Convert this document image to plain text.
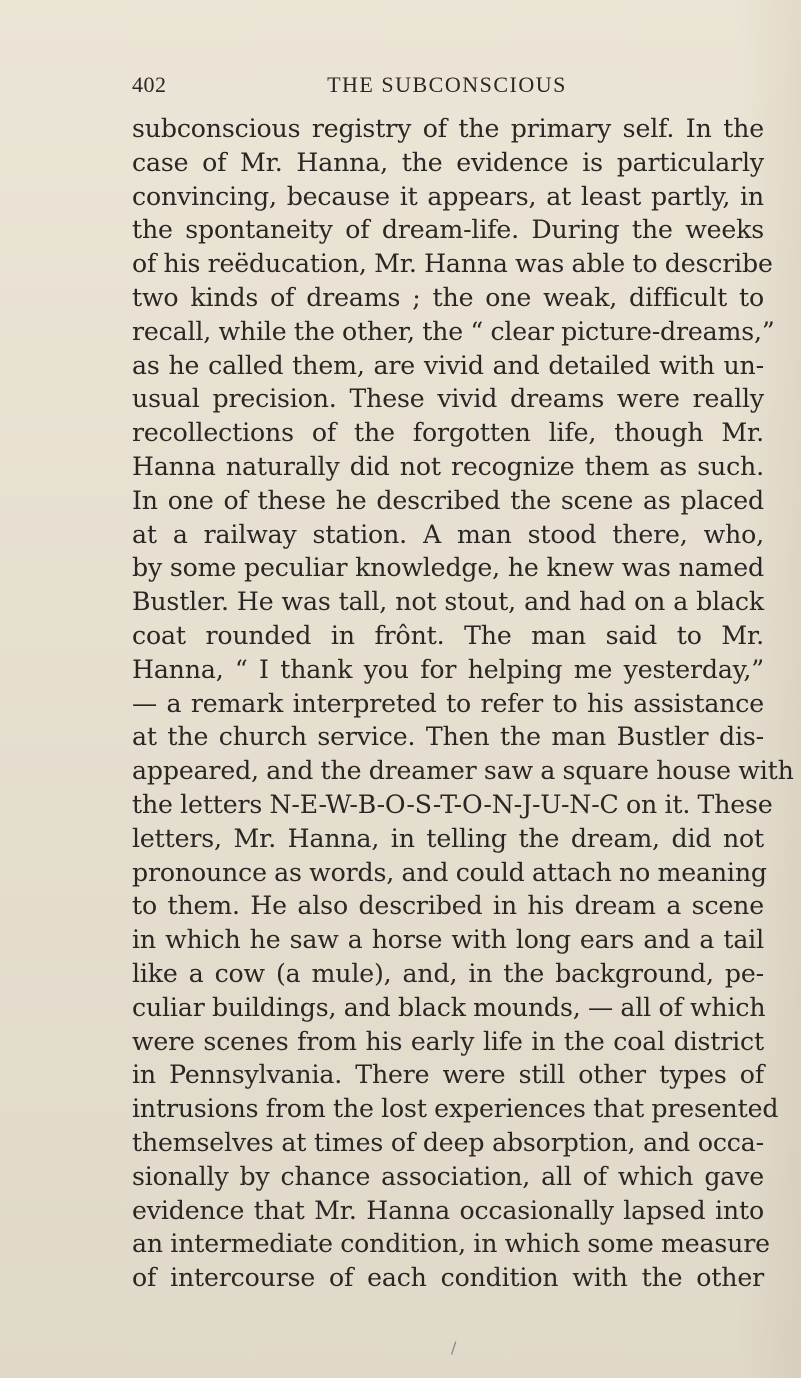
402	THE SUBCONSCIOUS
subconscious registry of the primary self. In the
case of Mr. Hanna, the evidence is particularly
convincing, because it appears, at least partly, in
the spontaneity of dream-life. During the weeks
of his reëducation, Mr. Hanna was able to describe
two kinds of dreams ; the one weak, difficult to
recall, while the other, the “ clear picture-dreams,”
as he called them, are vivid and detailed with un-
usual precision. These vivid dreams were really
recollections of the forgotten life, though Mr.
Hanna naturally did not recognize them as such.
In one of these he described the scene as placed
at a railway station. A man stood there, who,
by some peculiar knowledge, he knew was named
Bustler. He was tall, not stout, and had on a black
coat rounded in frônt. The man said to Mr.
Hanna, “ I thank you for helping me yesterday,”
— a remark interpreted to refer to his assistance
at the church service. Then the man Bustler dis-
appeared, and the dreamer saw a square house with
the letters N-E-W-B-O-S-T-O-N-J-U-N-C on it. These
letters, Mr. Hanna, in telling the dream, did not
pronounce as words, and could attach no meaning
to them. He also described in his dream a scene
in which he saw a horse with long ears and a tail
like a cow (a mule), and, in the background, pe-
culiar buildings, and black mounds, — all of which
were scenes from his early life in the coal district
in Pennsylvania. There were still other types of
intrusions from the lost experiences that presented
themselves at times of deep absorption, and occa-
sionally by chance association, all of which gave
evidence that Mr. Hanna occasionally lapsed into
an intermediate condition, in which some measure
of intercourse of each condition with the other
/
